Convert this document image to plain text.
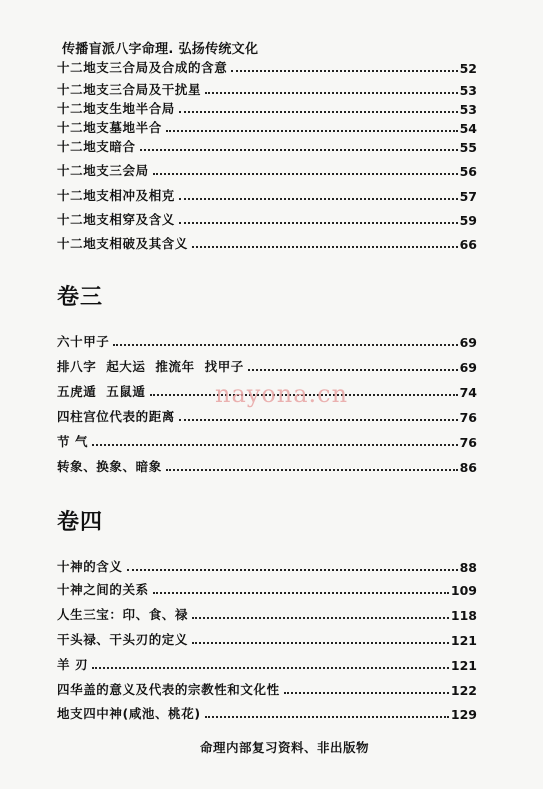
传播盲派八字命理. 弘扬传统文化
十二地支三合局及合成的含意	52
十二地支三合局及干扰星	53
十二地支生地半合局	53
十二地支墓地半合	54
十二地支暗合	55
十二地支三会局	56
十二地支相冲及相克	57
十二地支相穿及含义	59
十二地支相破及其含义	66
卷三
六十甲子	69
排八字  起大运  推流年  找甲子	69
五虎遁  五鼠遁	74
四柱宫位代表的距离	76
节 气	76
转象、换象、暗象	86
卷四
十神的含义	88
十神之间的关系	109
人生三宝：印、食、禄	118
干头禄、干头刃的定义	121
羊 刃	121
四华盖的意义及代表的宗教性和文化性	122
地支四中神(咸池、桃花)	129
nayona.cn
命理内部复习资料、非出版物
